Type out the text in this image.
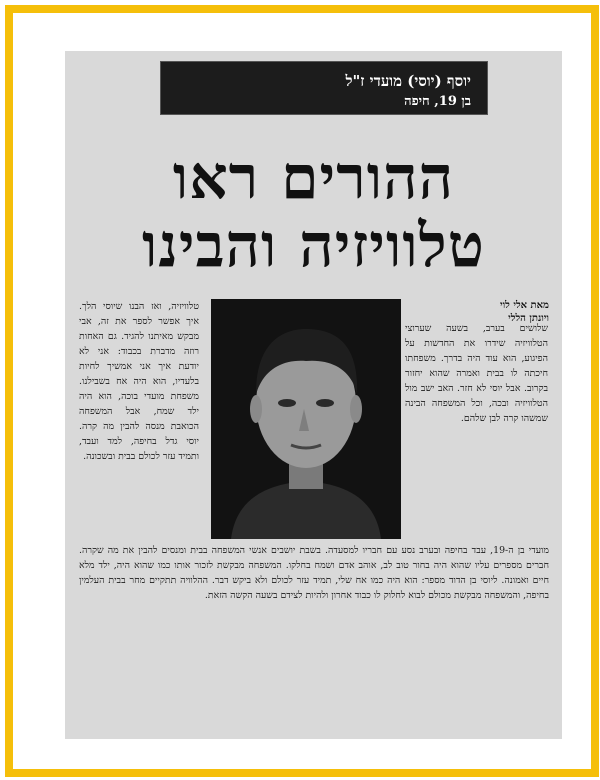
יוסף (יוסי) מועדי ז"ל
בן 19, חיפה
ההורים ראו
טלוויזיה והבינו
טלוויזיה, ואז הבנו שיוסי הלך. איך אפשר לספר את זה, אבי מבקש מאיתנו להגיד. גם האחות רוזה מדברת בכבוד: אני לא יודעת איך אני אמשיך לחיות בלעדיו, הוא היה אח בשבילנו. משפחת מועדי בוכה, הוא היה ילד שמח, אבל המשפחה הכואבת מנסה להבין מה קרה. יוסי גדל בחיפה, למד ועבד, ותמיד עזר לכולם בבית ובשכונה.
מאת אלי לוי
ויונתן הללי
שלושים בערב, בשעה שערוצי הטלוויזיה שידרו את החדשות על הפיגוע, הוא עוד היה בדרך. משפחתו חיכתה לו בבית ואמרה שהוא יחזור בקרוב. אבל יוסי לא חזר. האב ישב מול הטלוויזיה ובכה, וכל המשפחה הבינה שמשהו קרה לבן שלהם.
מועדי בן ה-19, עבד בחיפה ובערב נסע עם חבריו למסעדה. בשבת יושבים אנשי המשפחה בבית ומנסים להבין את מה שקרה. חברים מספרים עליו שהוא היה בחור טוב לב, אוהב אדם ושמח בחלקו. המשפחה מבקשת לזכור אותו כמו שהוא היה, ילד מלא חיים ואמונה. ליוסי בן הדוד מספר: הוא היה כמו אח שלי, תמיד עזר לכולם ולא ביקש דבר. ההלוויה תתקיים מחר בבית העלמין בחיפה, והמשפחה מבקשת מכולם לבוא לחלוק לו כבוד אחרון ולהיות לצידם בשעה הקשה הזאת.
